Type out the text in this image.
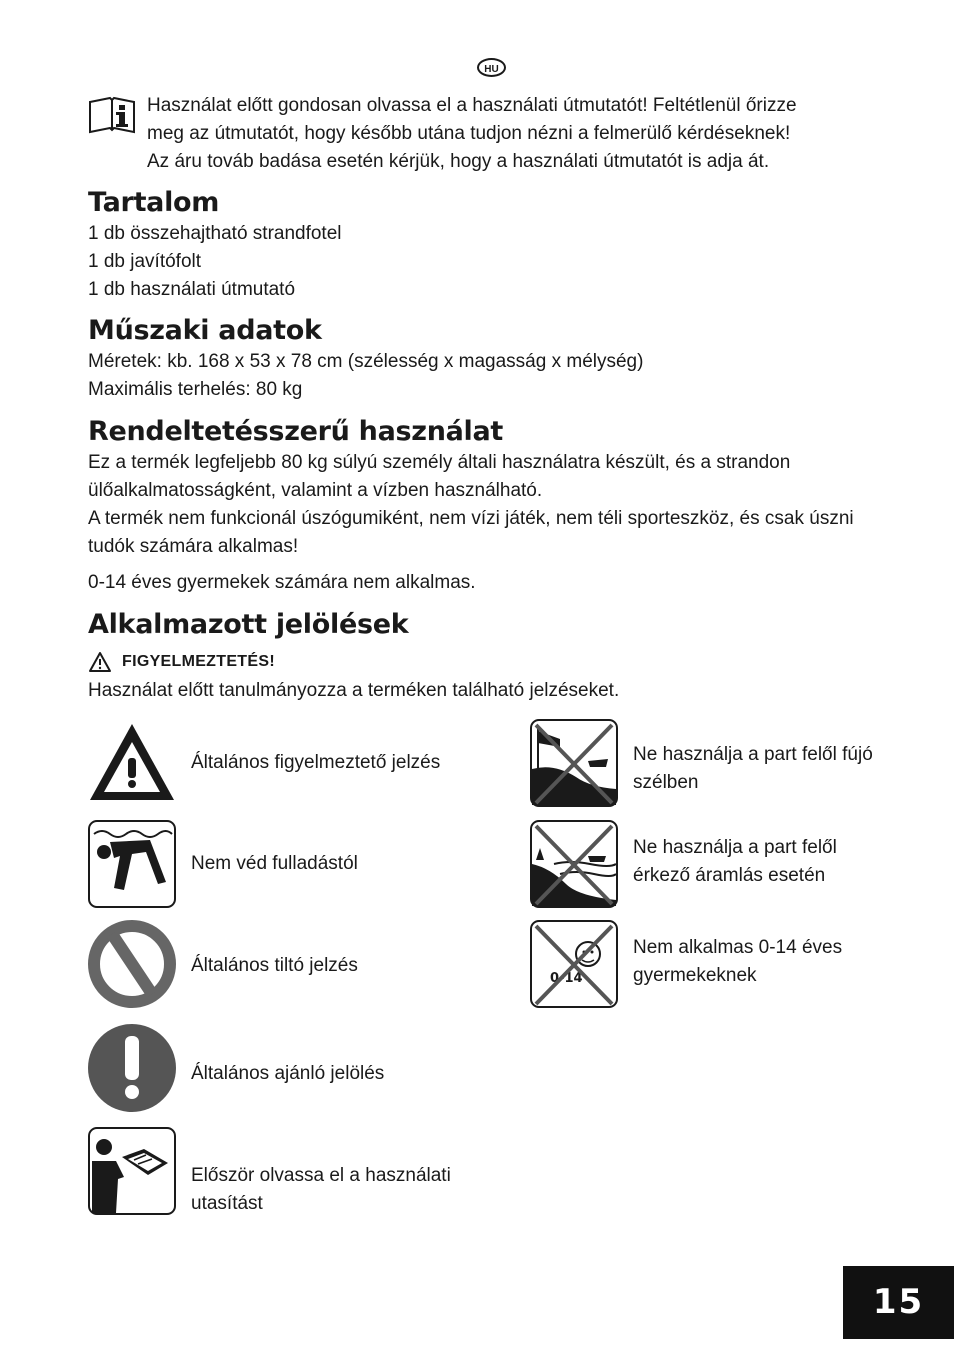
HU

Használat előtt gondosan olvassa el a használati útmutatót! Feltétlenül őrizze

meg az útmutatót, hogy később utána tudjon nézni a felmerülő kérdéseknek!

Az áru továb badása esetén kérjük, hogy a használati útmutatót is adja át.

Tartalom

1 db összehajtható strandfotel

1 db javítófolt

1 db használati útmutató

Műszaki adatok

Méretek: kb. 168 x 53 x 78 cm (szélesség x magasság x mélység)

Maximális terhelés: 80 kg

Rendeltetésszerű használat

Ez a termék legfeljebb 80 kg súlyú személy általi használatra készült, és a strandon

ülőalkalmatosságként, valamint a vízben használható.

A termék nem funkcionál úszógumiként, nem vízi játék, nem téli sporteszköz, és csak úszni

tudók számára alkalmas!

0-14 éves gyermekek számára nem alkalmas.

Alkalmazott jelölések
FIGYELMEZTETÉS!

Használat előtt tanulmányozza a terméken található jelzéseket.

Általános figyelmeztető jelzés
Nem véd fulladástól
Általános tiltó jelzés
Általános ajánló jelölés
Először olvassa el a használati utasítást
Ne használja a part felől fújó szélben
Ne használja a part felől érkező áramlás esetén
0-14
Nem alkalmas 0-14 éves gyermekeknek
15
